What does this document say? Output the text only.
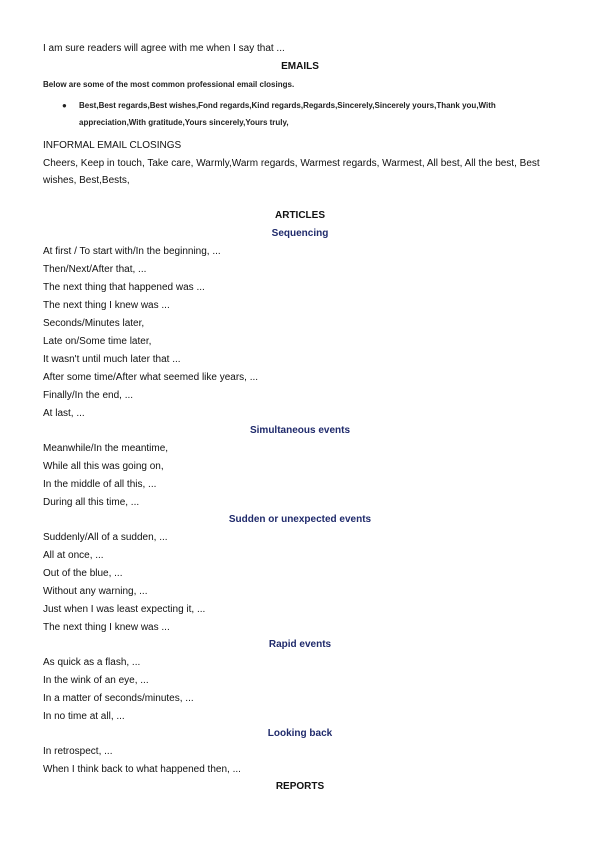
I am sure readers will agree with me when I say that ...
EMAILS
Below are some of the most common professional email closings.
● Best,Best regards,Best wishes,Fond regards,Kind regards,Regards,Sincerely,Sincerely yours,Thank you,With appreciation,With gratitude,Yours sincerely,Yours truly,
INFORMAL EMAIL CLOSINGS
Cheers, Keep in touch, Take care, Warmly,Warm regards, Warmest regards, Warmest, All best, All the best, Best wishes, Best,Bests,
ARTICLES
Sequencing
At first / To start with/In the beginning, ...
Then/Next/After that, ...
The next thing that happened was ...
The next thing I knew was ...
Seconds/Minutes later,
Late on/Some time later,
It wasn't until much later that ...
After some time/After what seemed like years, ...
Finally/In the end, ...
At last, ...
Simultaneous events
Meanwhile/In the meantime,
While all this was going on,
In the middle of all this, ...
During all this time, ...
Sudden or unexpected events
Suddenly/All of a sudden, ...
All at once, ...
Out of the blue, ...
Without any warning, ...
Just when I was least expecting it, ...
The next thing I knew was ...
Rapid events
As quick as a flash, ...
In the wink of an eye, ...
In a matter of seconds/minutes, ...
In no time at all, ...
Looking back
In retrospect, ...
When I think back to what happened then, ...
REPORTS
